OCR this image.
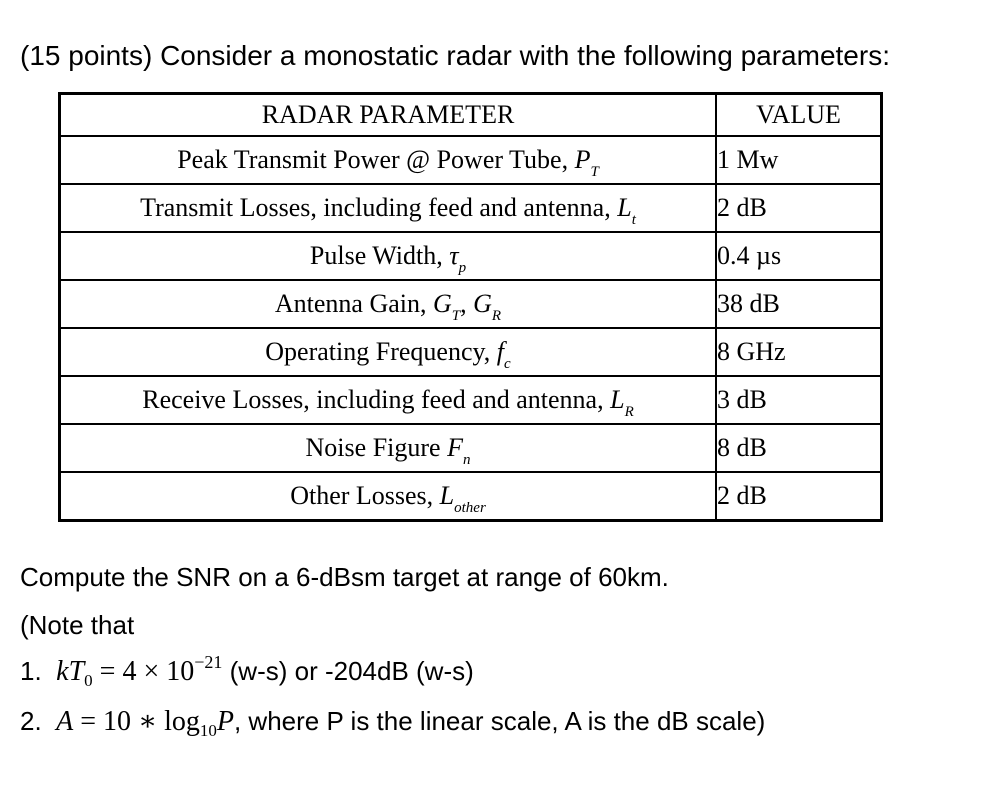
(15 points) Consider a monostatic radar with the following parameters:
RADAR PARAMETER	VALUE
Peak Transmit Power @ Power Tube, $P_T$	1 Mw
Transmit Losses, including feed and antenna, $L_t$	2 dB
Pulse Width, $\tau_p$	0.4 µs
Antenna Gain, $G_T$, $G_R$	38 dB
Operating Frequency, $f_c$	8 GHz
Receive Losses, including feed and antenna, $L_R$	3 dB
Noise Figure $F_n$	8 dB
Other Losses, $L_{other}$	2 dB
Compute the SNR on a 6-dBsm target at range of 60km.
(Note that
1. $kT_0 = 4 \times 10^{-21}$ (w-s) or -204dB (w-s)
2. A = 10 ∗ $\log_{10}P$, where P is the linear scale, A is the dB scale)
